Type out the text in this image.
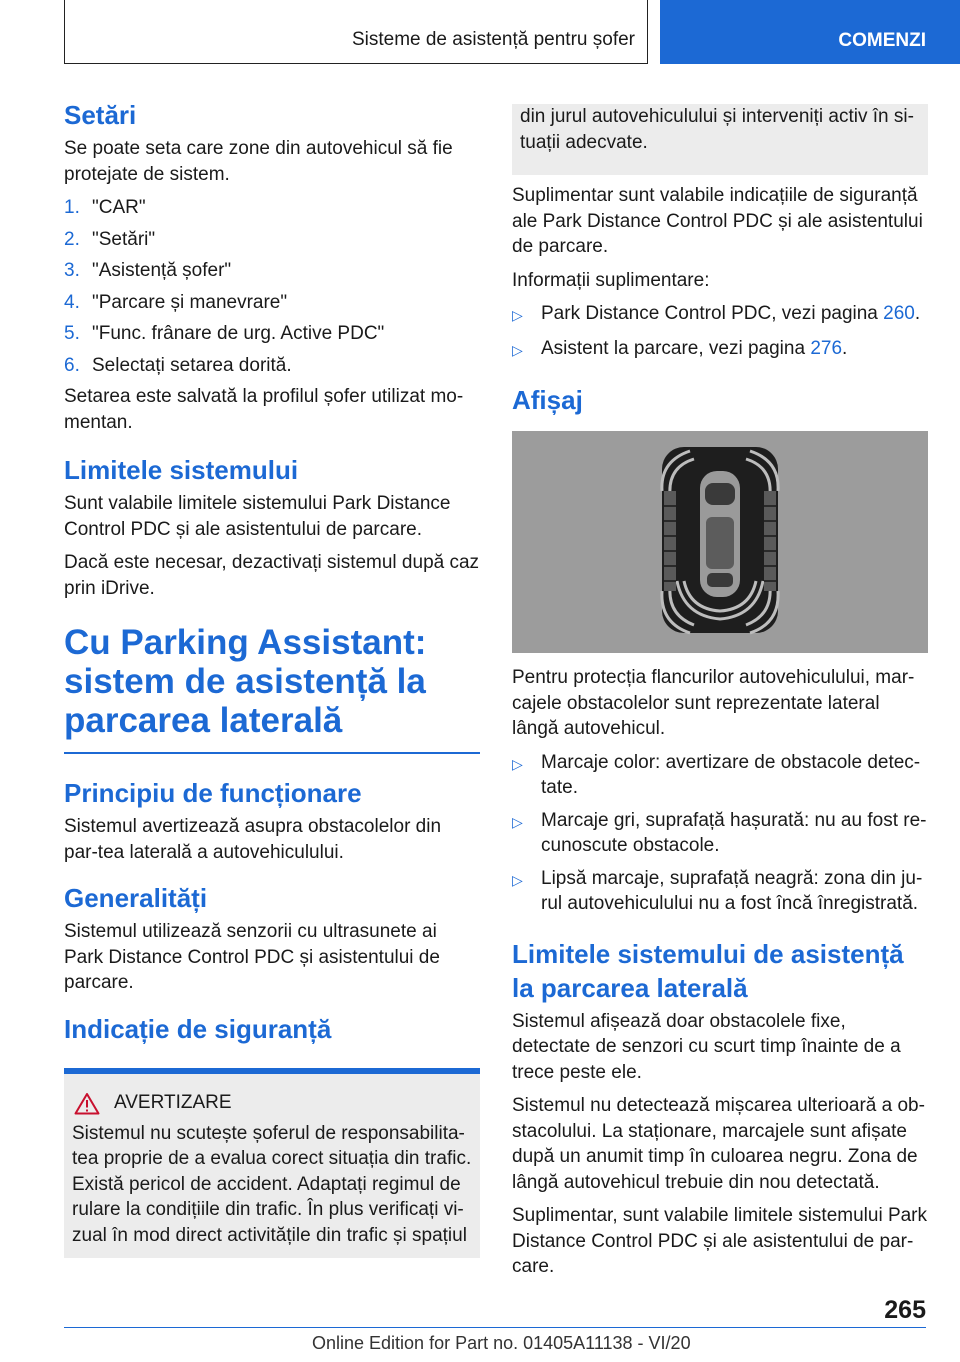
Sisteme de asistență pentru șofer	COMENZI
Setări

Se poate seta care zone din autovehicul să fie protejate de sistem.

1. "CAR"
2. "Setări"
3. "Asistență șofer"
4. "Parcare și manevrare"
5. "Func. frânare de urg. Active PDC"
6. Selectați setarea dorită.

Setarea este salvată la profilul șofer utilizat mo-mentan.

Limitele sistemului

Sunt valabile limitele sistemului Park Distance Control PDC și ale asistentului de parcare.

Dacă este necesar, dezactivați sistemul după caz prin iDrive.

Cu Parking Assistant: sistem de asistență la parcarea laterală
Principiu de funcționare

Sistemul avertizează asupra obstacolelor din par-tea laterală a autovehiculului.

Generalități

Sistemul utilizează senzorii cu ultrasunete ai Park Distance Control PDC și asistentului de parcare.

Indicație de siguranță
AVERTIZARE

Sistemul nu scutește șoferul de responsabilita-tea proprie de a evalua corect situația din trafic. Există pericol de accident. Adaptați regimul de rulare la condițiile din trafic. În plus verificați vi-zual în mod direct activitățile din trafic și spațiul

din jurul autovehiculului și interveniți activ în si-tuații adecvate.

Suplimentar sunt valabile indicațiile de siguranță ale Park Distance Control PDC și ale asistentului de parcare.

Informații suplimentare:

▷ Park Distance Control PDC, vezi pagina 260.
▷ Asistent la parcare, vezi pagina 276.
Afișaj

Pentru protecția flancurilor autovehiculului, mar-cajele obstacolelor sunt reprezentate lateral lângă autovehicul.

▷ Marcaje color: avertizare de obstacole detec-tate.
▷ Marcaje gri, suprafață hașurată: nu au fost re-cunoscute obstacole.
▷ Lipsă marcaje, suprafață neagră: zona din ju-rul autovehiculului nu a fost încă înregistrată.
Limitele sistemului de asistență la parcarea laterală

Sistemul afișează doar obstacolele fixe, detectate de senzori cu scurt timp înainte de a trece peste ele.

Sistemul nu detectează mișcarea ulterioară a ob-stacolului. La staționare, marcajele sunt afișate după un anumit timp în culoarea negru. Zona de lângă autovehicul trebuie din nou detectată.

Suplimentar, sunt valabile limitele sistemului Park Distance Control PDC și ale asistentului de par-care.

265
Online Edition for Part no. 01405A11138 - VI/20
